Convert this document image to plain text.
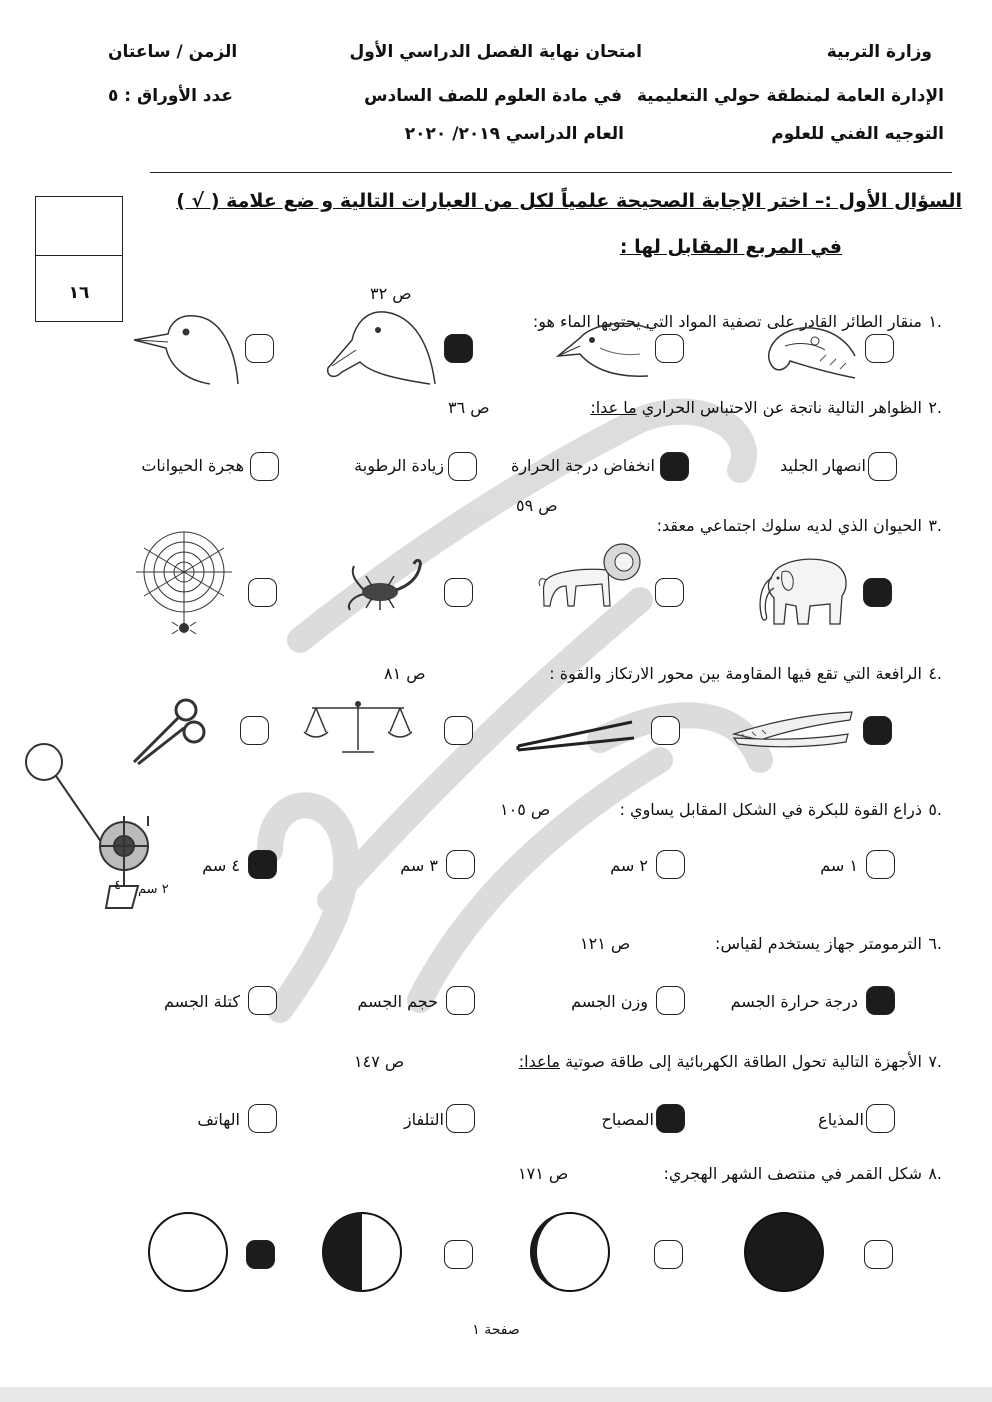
وزارة التربية
الإدارة العامة لمنطقة حولي التعليمية
التوجيه الفني للعلوم
امتحان نهاية الفصل الدراسي الأول
في مادة العلوم للصف السادس
العام الدراسي ٢٠١٩/ ٢٠٢٠
الزمن / ساعتان
عدد الأوراق : ٥
١٦
السؤال الأول :– اختر الإجابة الصحيحة علمياً لكل من العبارات التالية و ضع علامة ( √ )
في المربع المقابل لها :
١.
منقار الطائر القادر على تصفية المواد التي يحتويها الماء هو:
ص ٣٢
٢.
الظواهر التالية ناتجة عن الاحتباس الحراري ما عدا:
ص ٣٦
انصهار الجليد
انخفاض درجة الحرارة
زيادة الرطوبة
هجرة الحيوانات
٣.
الحيوان الذي لديه سلوك اجتماعي معقد:
ص ٥٩
٤.
الرافعة التي تقع فيها المقاومة بين محور الارتكاز والقوة :
ص ٨١
٥.
ذراع القوة للبكرة في الشكل المقابل يساوي :
ص ١٠٥
٢ سم
٤
١ سم
٢ سم
٣ سم
٤ سم
٦.
الترمومتر جهاز يستخدم لقياس:
ص ١٢١
درجة حرارة الجسم
وزن الجسم
حجم الجسم
كتلة الجسم
٧.
الأجهزة التالية تحول الطاقة الكهربائية إلى طاقة صوتية ماعدا:
ص ١٤٧
المذياع
المصباح
التلفاز
الهاتف
٨.
شكل القمر في منتصف الشهر الهجري:
ص ١٧١
صفحة ١
